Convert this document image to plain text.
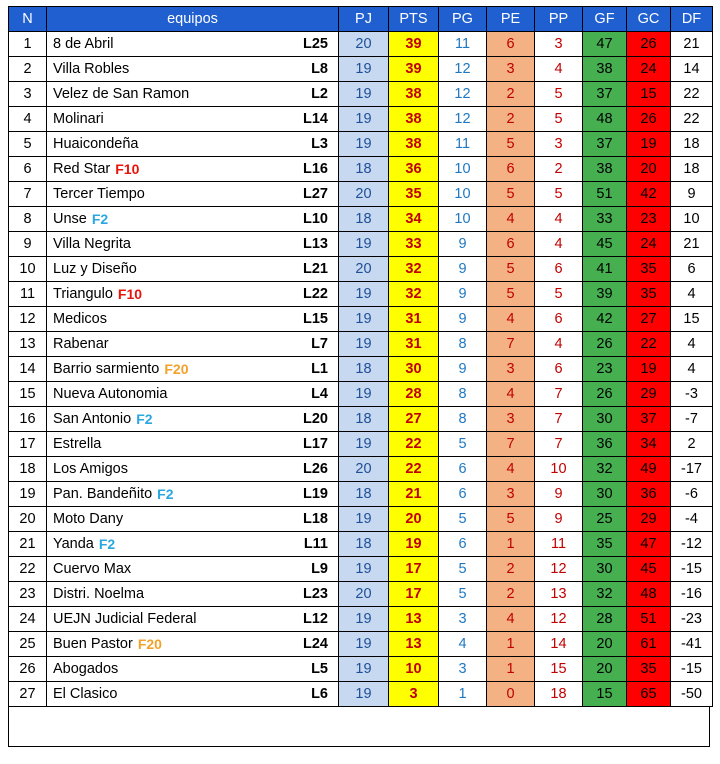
N	equipos	PJ	PTS	PG	PE	PP	GF	GC	DF
1	8 de Abril L25	20	39	11	6	3	47	26	21
2	Villa Robles L8	19	39	12	3	4	38	24	14
3	Velez de San Ramon L2	19	38	12	2	5	37	15	22
4	Molinari L14	19	38	12	2	5	48	26	22
5	Huaicondeña L3	19	38	11	5	3	37	19	18
6	Red Star F10 L16	18	36	10	6	2	38	20	18
7	Tercer Tiempo L27	20	35	10	5	5	51	42	9
8	Unse F2 L10	18	34	10	4	4	33	23	10
9	Villa Negrita L13	19	33	9	6	4	45	24	21
10	Luz y Diseño L21	20	32	9	5	6	41	35	6
11	Triangulo F10 L22	19	32	9	5	5	39	35	4
12	Medicos L15	19	31	9	4	6	42	27	15
13	Rabenar L7	19	31	8	7	4	26	22	4
14	Barrio sarmiento F20 L1	18	30	9	3	6	23	19	4
15	Nueva Autonomia L4	19	28	8	4	7	26	29	-3
16	San Antonio F2 L20	18	27	8	3	7	30	37	-7
17	Estrella L17	19	22	5	7	7	36	34	2
18	Los Amigos L26	20	22	6	4	10	32	49	-17
19	Pan. Bandeñito F2 L19	18	21	6	3	9	30	36	-6
20	Moto Dany L18	19	20	5	5	9	25	29	-4
21	Yanda F2 L11	18	19	6	1	11	35	47	-12
22	Cuervo Max L9	19	17	5	2	12	30	45	-15
23	Distri. Noelma L23	20	17	5	2	13	32	48	-16
24	UEJN Judicial Federal L12	19	13	3	4	12	28	51	-23
25	Buen Pastor F20 L24	19	13	4	1	14	20	61	-41
26	Abogados L5	19	10	3	1	15	20	35	-15
27	El Clasico L6	19	3	1	0	18	15	65	-50
